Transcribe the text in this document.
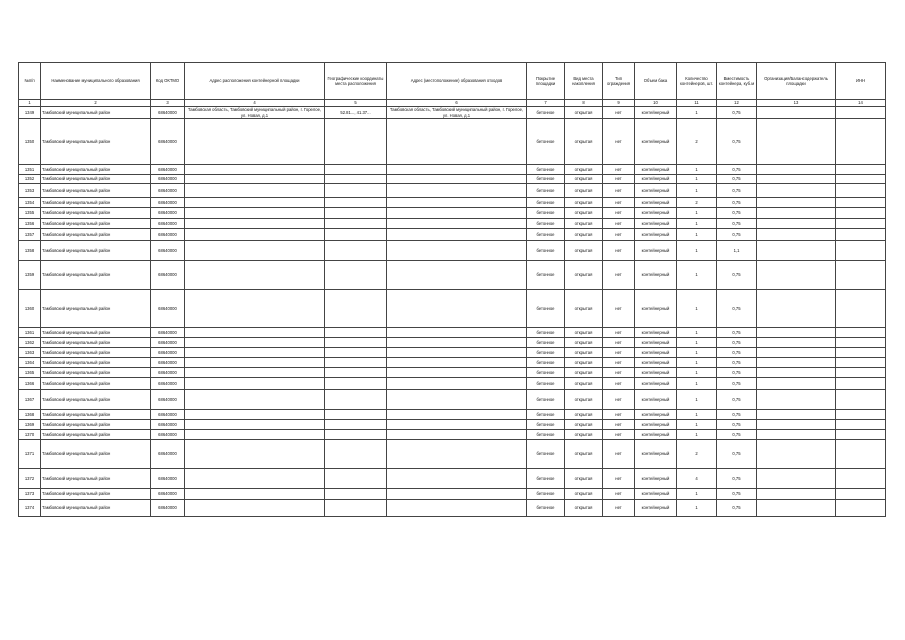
№п/п	Наименование муниципального образования	Код ОКТМО	Адрес расположения контейнерной площадки	Географические координаты места расположения	Адрес (местоположение) образования отходов	Покрытие площадки	Вид места накопления	Тип ограждения	Объем бака	Количество контейнеров, шт.	Вместимость контейнера, куб.м	Организация/Балансодержатель площадки	ИНН
1	2	3	4	5	6	7	8	9	10	11	12	13	14
1349	Тамбовский муниципальный район	68640000	Тамбовская область, Тамбовский муниципальный район, г. Горелое, ул. Новая, д.1	52.81..., 41.37...	Тамбовская область, Тамбовский муниципальный район, г. Горелое, ул. Новая, д.1	бетонное	открытая	нет	контейнерный	1	0,75		
1350	Тамбовский муниципальный район	68640000				бетонное	открытая	нет	контейнерный	2	0,75		
1351	Тамбовский муниципальный район	68640000				бетонное	открытая	нет	контейнерный	1	0,75		
1352	Тамбовский муниципальный район	68640000				бетонное	открытая	нет	контейнерный	1	0,75		
1353	Тамбовский муниципальный район	68640000				бетонное	открытая	нет	контейнерный	1	0,75		
1354	Тамбовский муниципальный район	68640000				бетонное	открытая	нет	контейнерный	2	0,75		
1355	Тамбовский муниципальный район	68640000				бетонное	открытая	нет	контейнерный	1	0,75		
1356	Тамбовский муниципальный район	68640000				бетонное	открытая	нет	контейнерный	1	0,75		
1357	Тамбовский муниципальный район	68640000				бетонное	открытая	нет	контейнерный	1	0,75		
1358	Тамбовский муниципальный район	68640000				бетонное	открытая	нет	контейнерный	1	1,1		
1359	Тамбовский муниципальный район	68640000				бетонное	открытая	нет	контейнерный	1	0,75		
1360	Тамбовский муниципальный район	68640000				бетонное	открытая	нет	контейнерный	1	0,75		
1361	Тамбовский муниципальный район	68640000				бетонное	открытая	нет	контейнерный	1	0,75		
1362	Тамбовский муниципальный район	68640000				бетонное	открытая	нет	контейнерный	1	0,75		
1363	Тамбовский муниципальный район	68640000				бетонное	открытая	нет	контейнерный	1	0,75		
1364	Тамбовский муниципальный район	68640000				бетонное	открытая	нет	контейнерный	1	0,75		
1365	Тамбовский муниципальный район	68640000				бетонное	открытая	нет	контейнерный	1	0,75		
1366	Тамбовский муниципальный район	68640000				бетонное	открытая	нет	контейнерный	1	0,75		
1367	Тамбовский муниципальный район	68640000				бетонное	открытая	нет	контейнерный	1	0,75		
1368	Тамбовский муниципальный район	68640000				бетонное	открытая	нет	контейнерный	1	0,75		
1369	Тамбовский муниципальный район	68640000				бетонное	открытая	нет	контейнерный	1	0,75		
1370	Тамбовский муниципальный район	68640000				бетонное	открытая	нет	контейнерный	1	0,75		
1371	Тамбовский муниципальный район	68640000				бетонное	открытая	нет	контейнерный	2	0,75		
1372	Тамбовский муниципальный район	68640000				бетонное	открытая	нет	контейнерный	4	0,75		
1373	Тамбовский муниципальный район	68640000				бетонное	открытая	нет	контейнерный	1	0,75		
1374	Тамбовский муниципальный район	68640000				бетонное	открытая	нет	контейнерный	1	0,75		
